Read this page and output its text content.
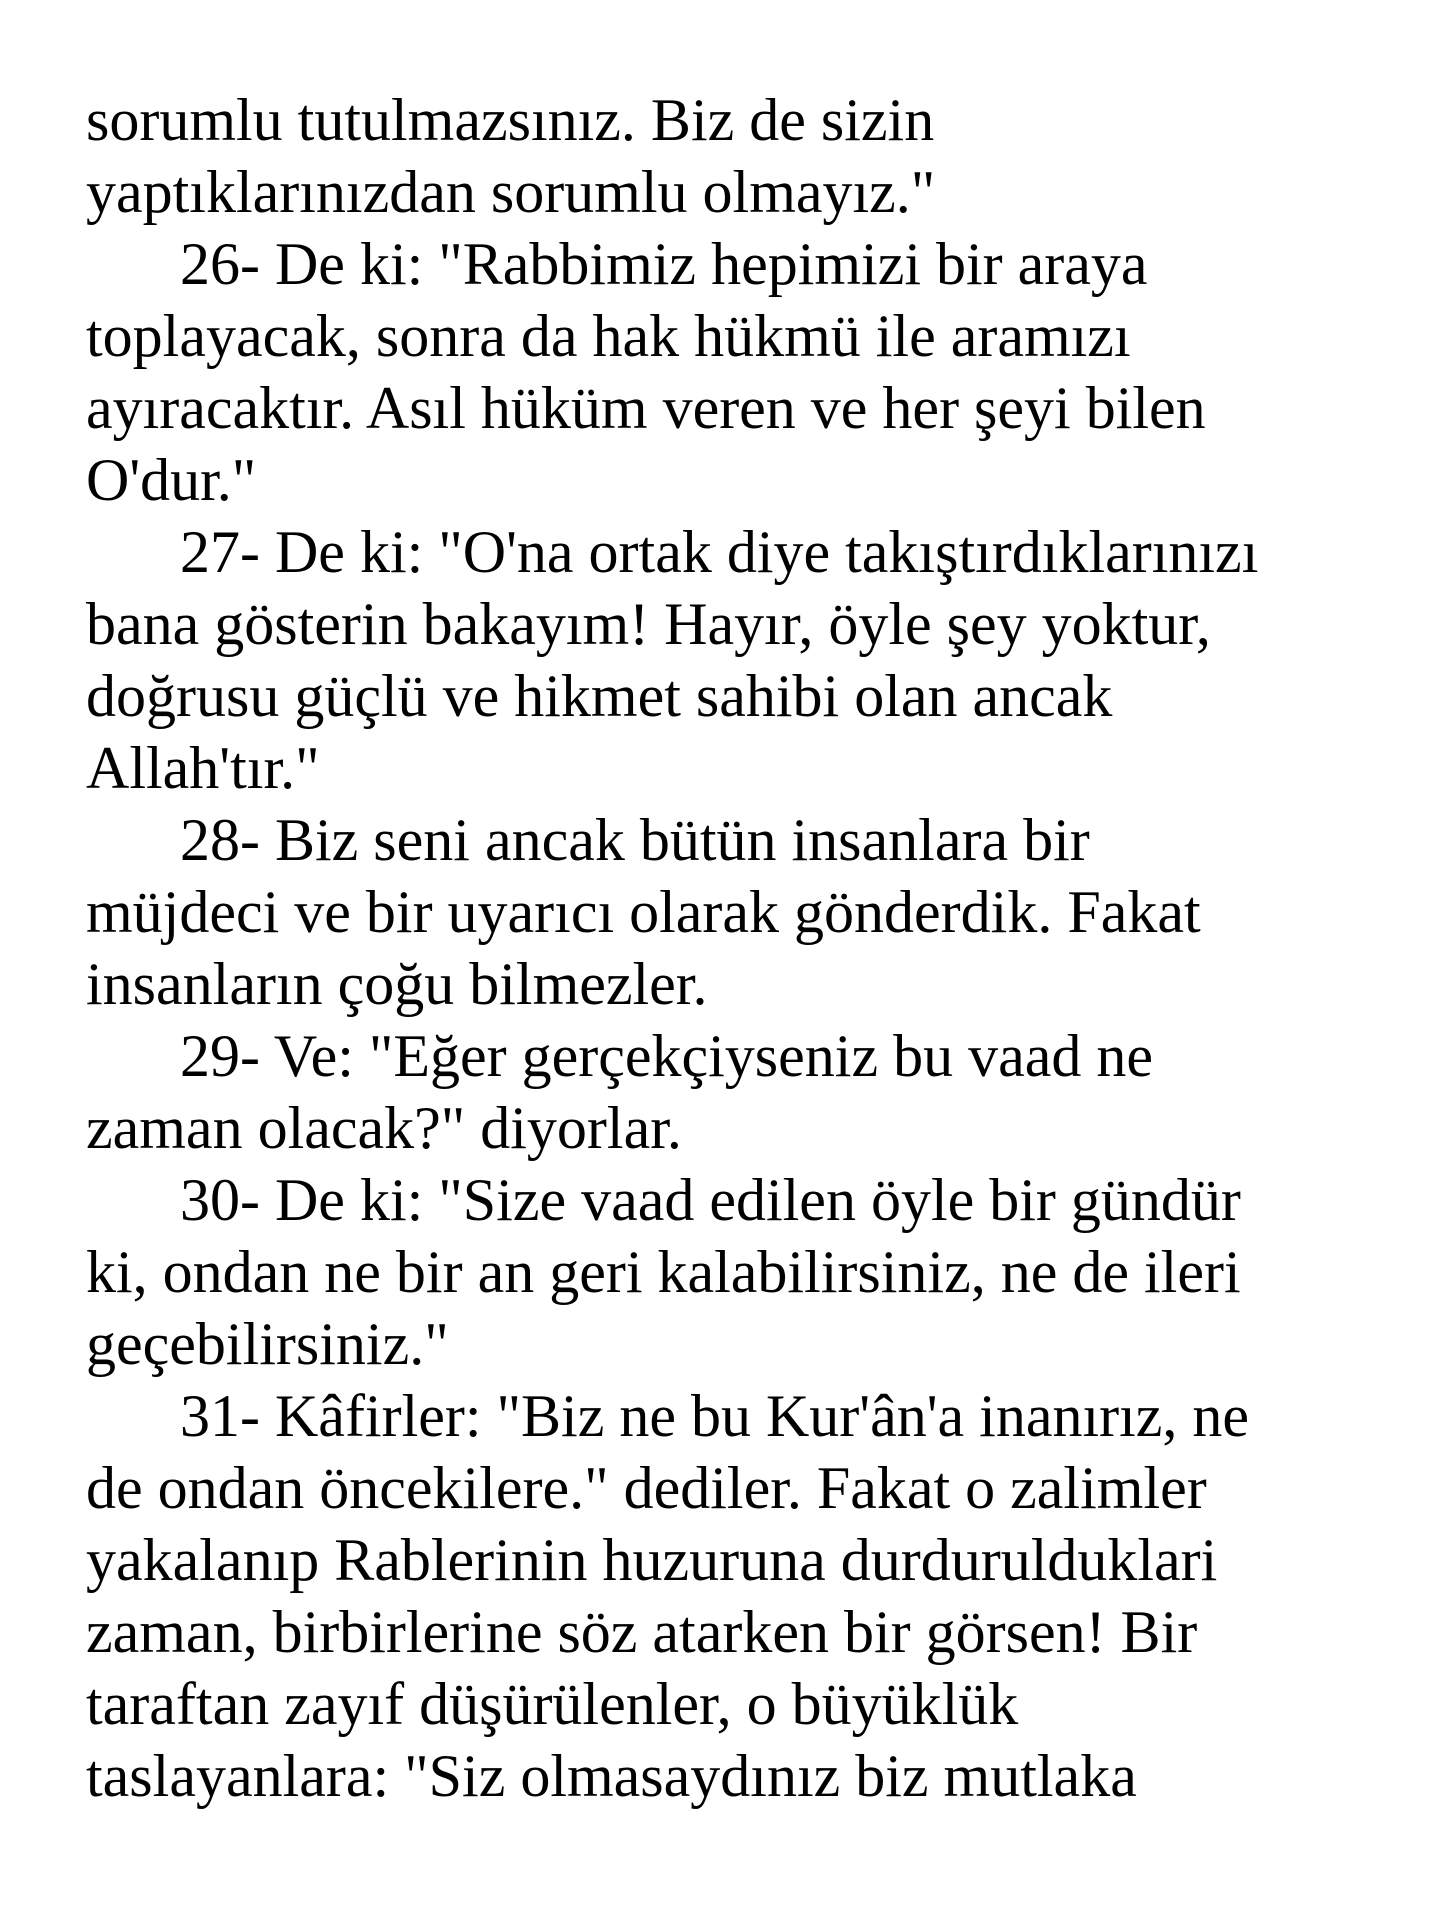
sorumlu tutulmazsınız. Biz de sizin
yaptıklarınızdan sorumlu olmayız."
26- De ki: "Rabbimiz hepimizi bir araya
toplayacak, sonra da hak hükmü ile aramızı
ayıracaktır. Asıl hüküm veren ve her şeyi bilen
O'dur."
27- De ki: "O'na ortak diye takıştırdıklarınızı
bana gösterin bakayım! Hayır, öyle şey yoktur,
doğrusu güçlü ve hikmet sahibi olan ancak
Allah'tır."
28- Biz seni ancak bütün insanlara bir
müjdeci ve bir uyarıcı olarak gönderdik. Fakat
insanların çoğu bilmezler.
29- Ve: "Eğer gerçekçiyseniz bu vaad ne
zaman olacak?" diyorlar.
30- De ki: "Size vaad edilen öyle bir gündür
ki, ondan ne bir an geri kalabilirsiniz, ne de ileri
geçebilirsiniz."
31- Kâfirler: "Biz ne bu Kur'ân'a inanırız, ne
de ondan öncekilere." dediler. Fakat o zalimler
yakalanıp Rablerinin huzuruna durdurulduklari
zaman, birbirlerine söz atarken bir görsen! Bir
taraftan zayıf düşürülenler, o büyüklük
taslayanlara: "Siz olmasaydınız biz mutlaka
